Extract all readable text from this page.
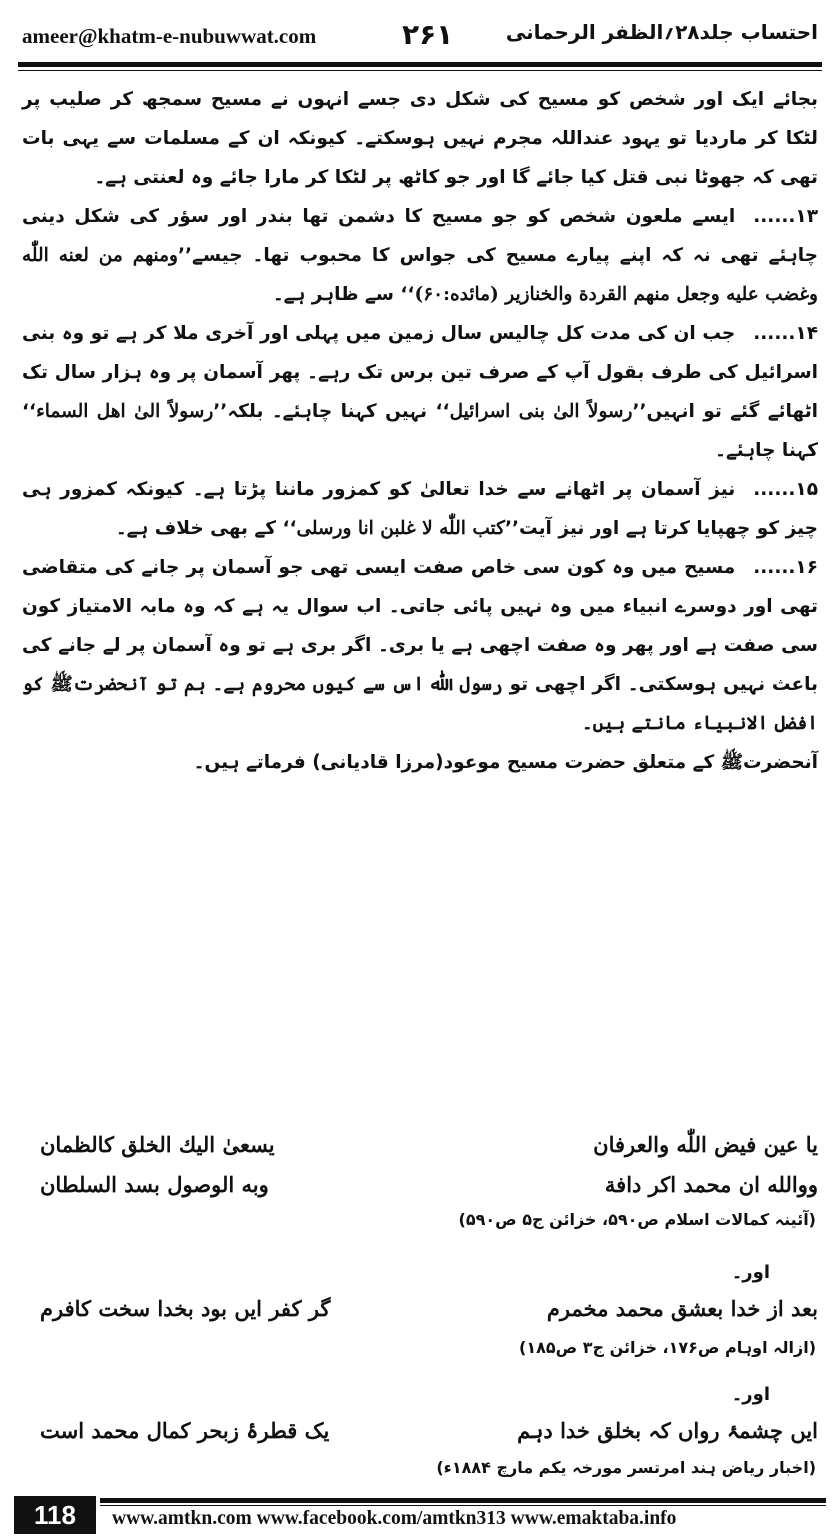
ameer@khatm-e-nubuwwat.com	۲۶۱	احتساب جلد۲۸؍الظفر الرحمانی

بجائے ایک اور شخص کو مسیح کی شکل دی جسے انہوں نے مسیح سمجھ کر صلیب پر لٹکا کر ماردیا تو یہود عنداللہ مجرم نہیں ہوسکتے۔ کیونکہ ان کے مسلمات سے یہی بات تھی کہ جھوٹا نبی قتل کیا جائے گا اور جو کاٹھ پر لٹکا کر مارا جائے وہ لعنتی ہے۔

۱۳......ایسے ملعون شخص کو جو مسیح کا دشمن تھا بندر اور سؤر کی شکل دینی چاہئے تھی نہ کہ اپنے پیارے مسیح کی جواس کا محبوب تھا۔ جیسے’’ومنهم من لعنه اللّٰه وغضب عليه وجعل منهم القردة والخنازير (مائده:۶۰)‘‘ سے ظاہر ہے۔

۱۴......جب ان کی مدت کل چالیس سال زمین میں پہلی اور آخری ملا کر ہے تو وہ بنی اسرائیل کی طرف بقول آپ کے صرف تین برس تک رہے۔ پھر آسمان پر وہ ہزار سال تک اٹھائے گئے تو انہیں’’رسولاً الیٰ بنی اسرائیل‘‘ نہیں کہنا چاہئے۔ بلکہ’’رسولاً الیٰ اهل السماء‘‘ کہنا چاہئے۔

۱۵......نیز آسمان پر اٹھانے سے خدا تعالیٰ کو کمزور ماننا پڑتا ہے۔ کیونکہ کمزور ہی چیز کو چھپایا کرتا ہے اور نیز آیت’’کتب اللّٰه لا غلبن انا ورسلی‘‘ کے بھی خلاف ہے۔

۱۶......مسیح میں وہ کون سی خاص صفت ایسی تھی جو آسمان پر جانے کی متقاضی تھی اور دوسرے انبیاء میں وہ نہیں پائی جاتی۔ اب سوال یہ ہے کہ وہ مابہ الامتیاز کون سی صفت ہے اور پھر وہ صفت اچھی ہے یا بری۔ اگر بری ہے تو وہ آسمان پر لے جانے کی باعث نہیں ہوسکتی۔ اگر اچھی تو رسول اللّٰه اس سے کیوں محروم ہے۔ ہم تو آنحضرتﷺ کو افضل الانبیاء مانتے ہیں۔

آنحضرتﷺ کے متعلق حضرت مسیح موعود(مرزا قادیانی) فرماتے ہیں۔

یا عین فیض اللّٰه والعرفان
یسعیٰ الیك الخلق كالظمان
ووالله ان محمد اكر دافة
وبه الوصول بسد السلطان
(آئینہ کمالات اسلام ص۵۹۰، خزائن ج۵ ص۵۹۰)
اور۔
بعد از خدا بعشق محمد مخمرم
گر کفر ایں بود بخدا سخت کافرم
(ازالہ اوہام ص۱۷۶، خزائن ج۳ ص۱۸۵)
اور۔
ایں چشمۂ رواں کہ بخلق خدا دہم
یک قطرۂ زبحر کمال محمد است
(اخبار ریاض ہند امرتسر مورخہ یکم مارچ ۱۸۸۴ء)
118	www.amtkn.com www.facebook.com/amtkn313 www.emaktaba.info
